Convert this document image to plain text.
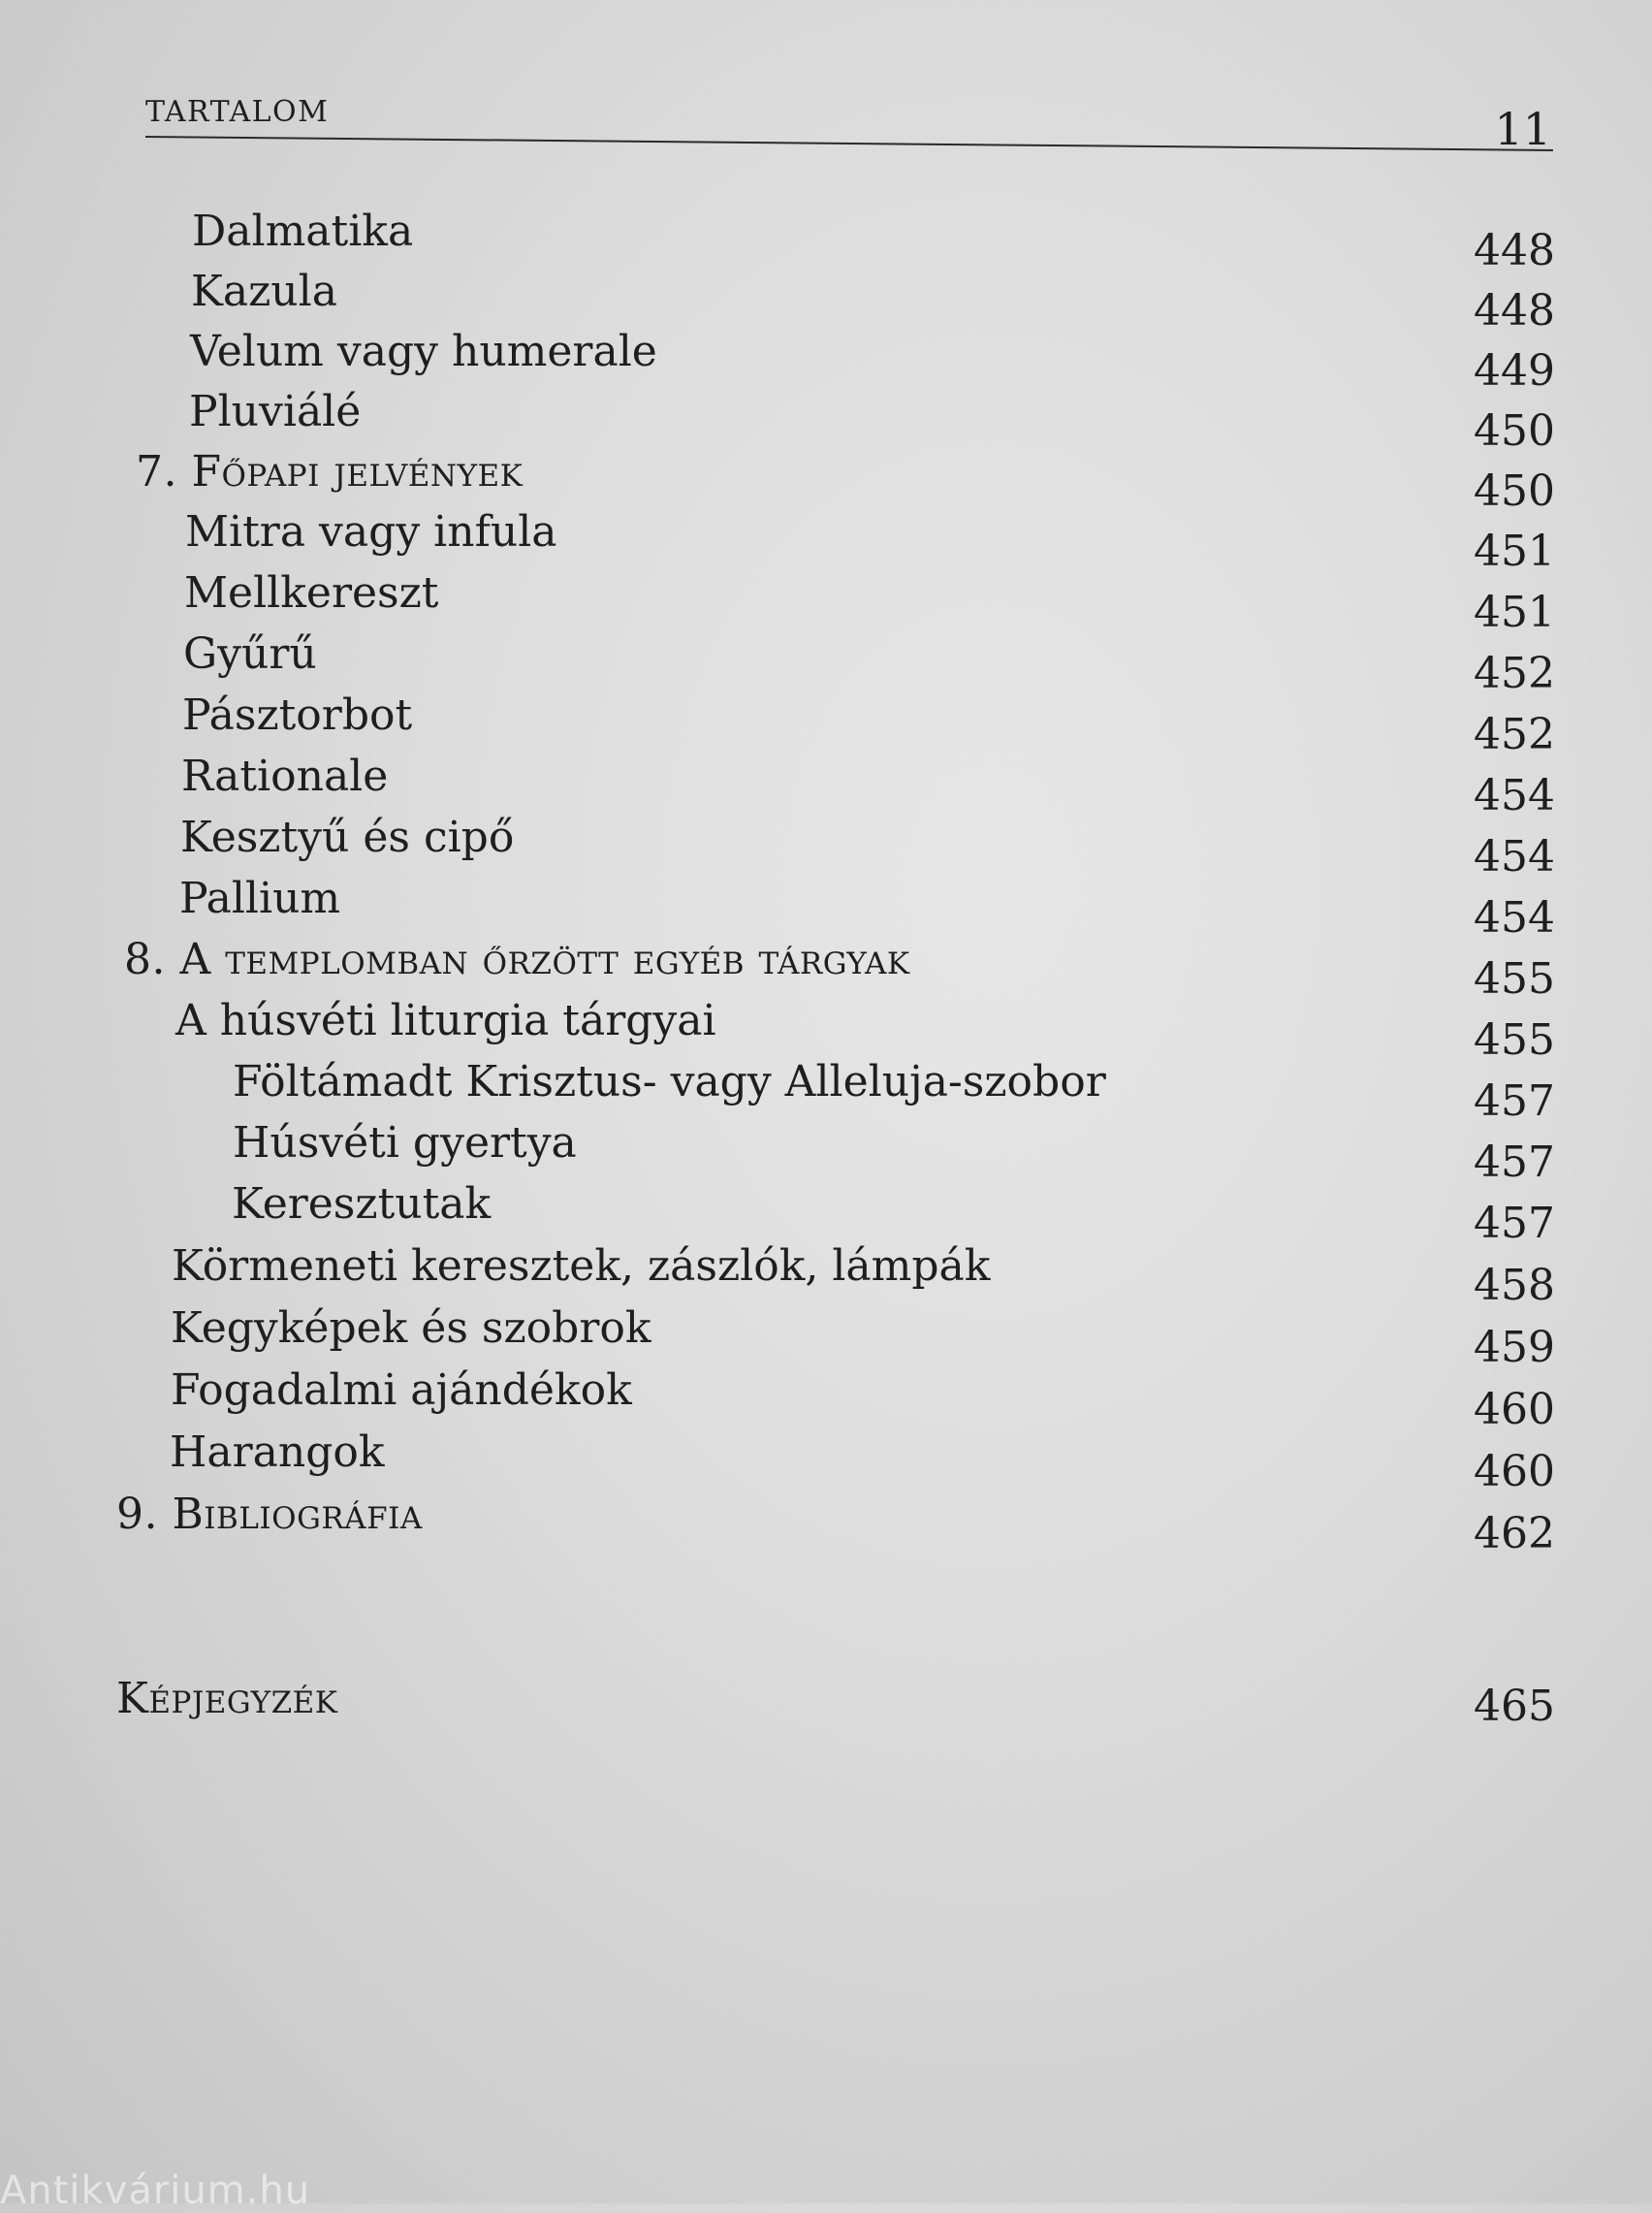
TARTALOM	11
Dalmatika	448
Kazula	448
Velum vagy humerale	449
Pluviálé	450
7. Főpapi jelvények	450
Mitra vagy infula	451
Mellkereszt	451
Gyűrű	452
Pásztorbot	452
Rationale	454
Kesztyű és cipő	454
Pallium	454
8. A templomban őrzött egyéb tárgyak	455
A húsvéti liturgia tárgyai	455
Föltámadt Krisztus- vagy Alleluja-szobor	457
Húsvéti gyertya	457
Keresztutak	457
Körmeneti keresztek, zászlók, lámpák	458
Kegyképek és szobrok	459
Fogadalmi ajándékok	460
Harangok	460
9. Bibliográfia	462
Képjegyzék	465
Antikvárium.hu
